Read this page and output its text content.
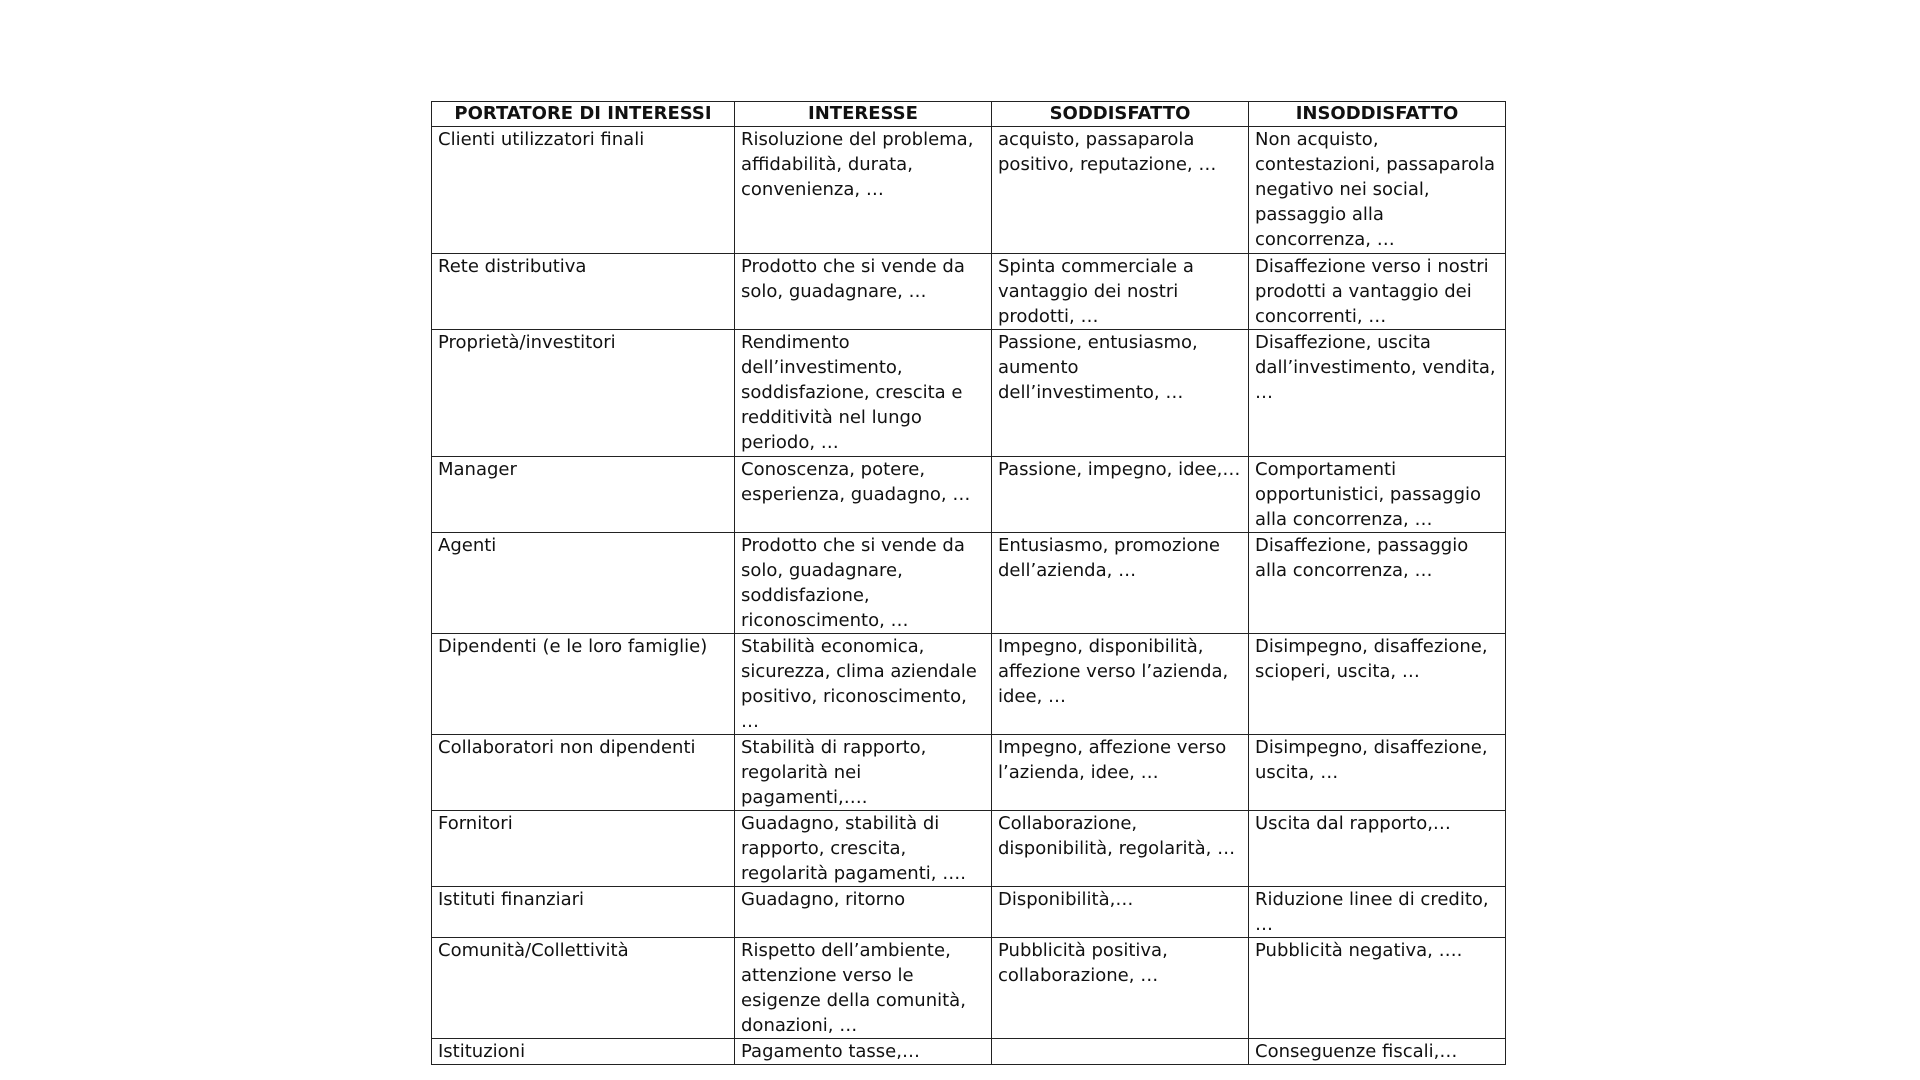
PORTATORE DI INTERESSI	INTERESSE	SODDISFATTO	INSODDISFATTO
Clienti utilizzatori finali	Risoluzione del problema, affidabilità, durata, convenienza, …	acquisto, passaparola positivo, reputazione, …	Non acquisto, contestazioni, passaparola negativo nei social, passaggio alla concorrenza, …
Rete distributiva	Prodotto che si vende da solo, guadagnare, …	Spinta commerciale a vantaggio dei nostri prodotti, …	Disaffezione verso i nostri prodotti a vantaggio dei concorrenti, …
Proprietà/investitori	Rendimento dell’investimento, soddisfazione, crescita e redditività nel lungo periodo, …	Passione, entusiasmo, aumento dell’investimento, …	Disaffezione, uscita dall’investimento, vendita, …
Manager	Conoscenza, potere, esperienza, guadagno, …	Passione, impegno, idee,…	Comportamenti opportunistici, passaggio alla concorrenza, …
Agenti	Prodotto che si vende da solo, guadagnare, soddisfazione, riconoscimento, …	Entusiasmo, promozione dell’azienda, …	Disaffezione, passaggio alla concorrenza, …
Dipendenti (e le loro famiglie)	Stabilità economica, sicurezza, clima aziendale positivo, riconoscimento, …	Impegno, disponibilità, affezione verso l’azienda, idee, …	Disimpegno, disaffezione, scioperi, uscita, …
Collaboratori non dipendenti	Stabilità di rapporto, regolarità nei pagamenti,….	Impegno, affezione verso l’azienda, idee, …	Disimpegno, disaffezione, uscita, …
Fornitori	Guadagno, stabilità di rapporto, crescita, regolarità pagamenti, ….	Collaborazione, disponibilità, regolarità, …	Uscita dal rapporto,…
Istituti finanziari	Guadagno, ritorno	Disponibilità,…	Riduzione linee di credito, …
Comunità/Collettività	Rispetto dell’ambiente, attenzione verso le esigenze della comunità, donazioni, …	Pubblicità positiva, collaborazione, …	Pubblicità negativa, ….
Istituzioni	Pagamento tasse,…		Conseguenze fiscali,…
